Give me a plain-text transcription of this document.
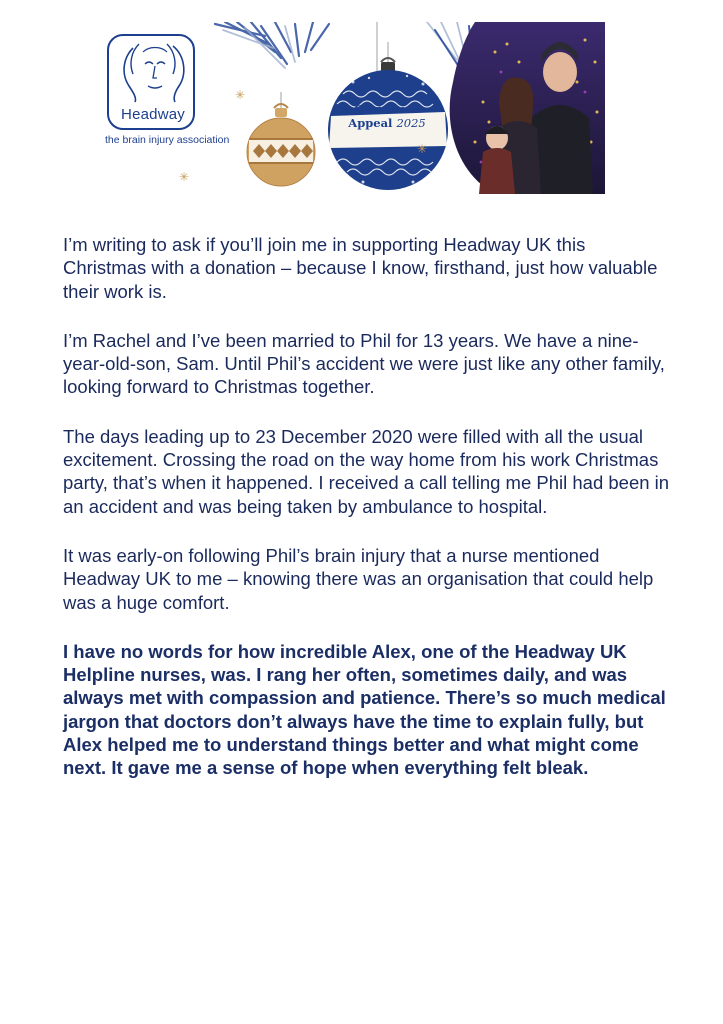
Headway
the brain injury association
Christmas
Appeal 2025
✳
✳
✳

I’m writing to ask if you’ll join me in supporting Headway UK this Christmas with a donation – because I know, firsthand, just how valuable their work is.

I’m Rachel and I’ve been married to Phil for 13 years. We have a nine-year-old-son, Sam. Until Phil’s accident we were just like any other family, looking forward to Christmas together.

The days leading up to 23 December 2020 were filled with all the usual excitement. Crossing the road on the way home from his work Christmas party, that’s when it happened. I received a call telling me Phil had been in an accident and was being taken by ambulance to hospital.

It was early-on following Phil’s brain injury that a nurse mentioned Headway UK to me – knowing there was an organisation that could help was a huge comfort.

I have no words for how incredible Alex, one of the Headway UK Helpline nurses, was. I rang her often, sometimes daily, and was always met with compassion and patience. There’s so much medical jargon that doctors don’t always have the time to explain fully, but Alex helped me to understand things better and what might come next. It gave me a sense of hope when everything felt bleak.
